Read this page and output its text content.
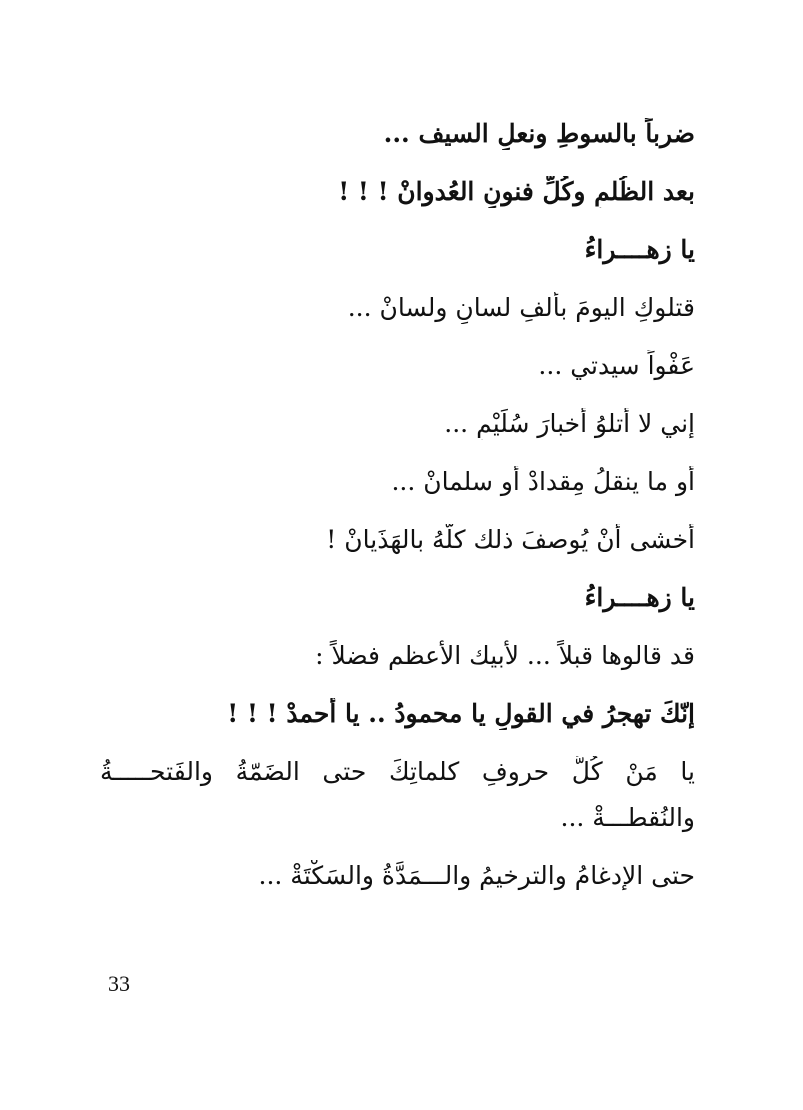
ضرباً بالسوطِ ونعلِ السيف ...
بعد الظُلمِ وكُلِّ فنونِ العُدوانْ ! ! !
يا زهــــراءُ
قتلوكِ اليومَ بألفِ لسانٍ ولسانْ ...
عَفْواً سيدتي ...
إني لا أتلوُ أخبارَ سُلَيْمٍ ...
أو ما ينقلُ مِقدادْ أو سلمانْ ...
أخشى أنْ يُوصفَ ذلك كلَّهُ بالهَذَيانْ !
يا زهــــراءُ
قد قالوها قبلاً ... لأبيك الأعظمِ فضلاً :
إنّكَ تهجرُ في القولِ يا محمودُ .. يا أحمدْ ! ! !
يا مَنْ كُلُّ حروفِ كلماتِكَ حتى الضَمّةُ والفَتحـــــةُ
والنُقطـــةْ ...
حتى الإدغامُ والترخيمُ والـــمَدَّةُ والسَكْتَةْ ...
33
